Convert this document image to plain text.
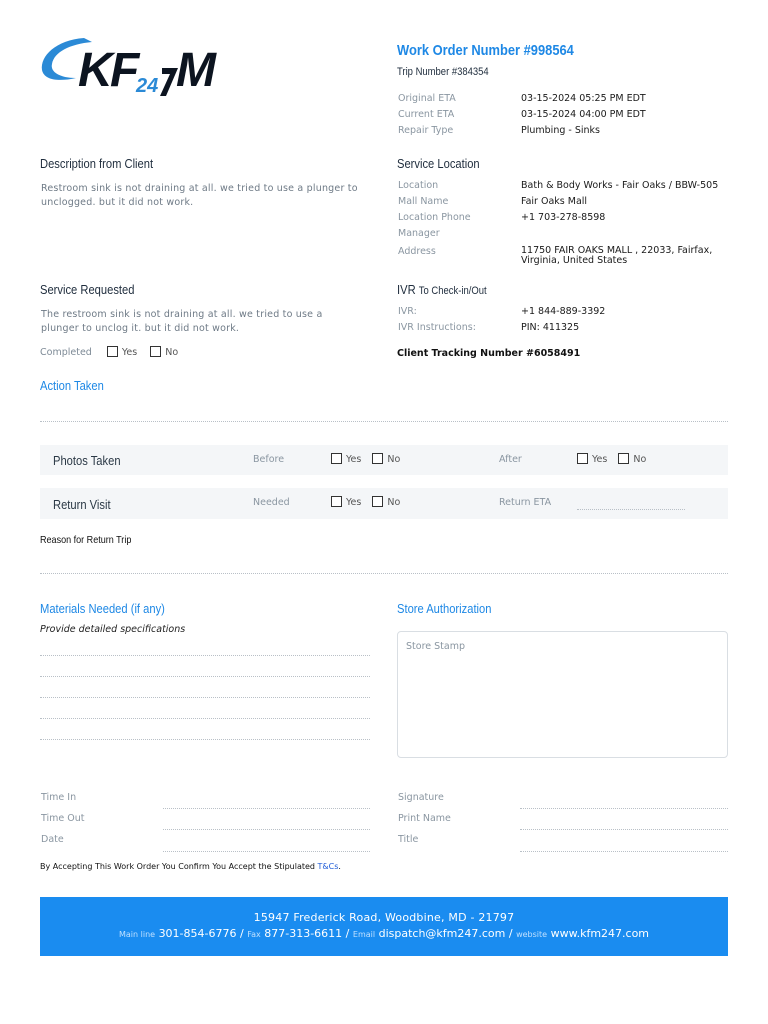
K
F M
24
Work Order Number #998564
Trip Number #384354
Original ETA	03-15-2024 05:25 PM EDT
Current ETA	03-15-2024 04:00 PM EDT
Repair Type	Plumbing - Sinks
Description from Client
Restroom sink is not draining at all. we tried to use a plunger to unclogged. but it did not work.
Service Location
Location	Bath & Body Works - Fair Oaks / BBW-505
Mall Name	Fair Oaks Mall
Location Phone	+1 703-278-8598
Manager
Address	11750 FAIR OAKS MALL , 22033, Fairfax, Virginia, United States
Service Requested
The restroom sink is not draining at all. we tried to use a plunger to unclog it. but it did not work.
Completed	Yes	No
IVR To Check-in/Out
IVR:	+1 844-889-3392
IVR Instructions:	PIN: 411325
Client Tracking Number #6058491
Action Taken
Photos Taken	Before	Yes	No	After	Yes	No
Return Visit	Needed	Yes	No	Return ETA
Reason for Return Trip
Materials Needed (if any)
Provide detailed specifications
Store Authorization
Store Stamp
Time In
Time Out
Date
Signature
Print Name
Title
By Accepting This Work Order You Confirm You Accept the Stipulated T&Cs.
15947 Frederick Road, Woodbine, MD - 21797
Main line 301-854-6776 / Fax 877-313-6611 / Email dispatch@kfm247.com / website www.kfm247.com
